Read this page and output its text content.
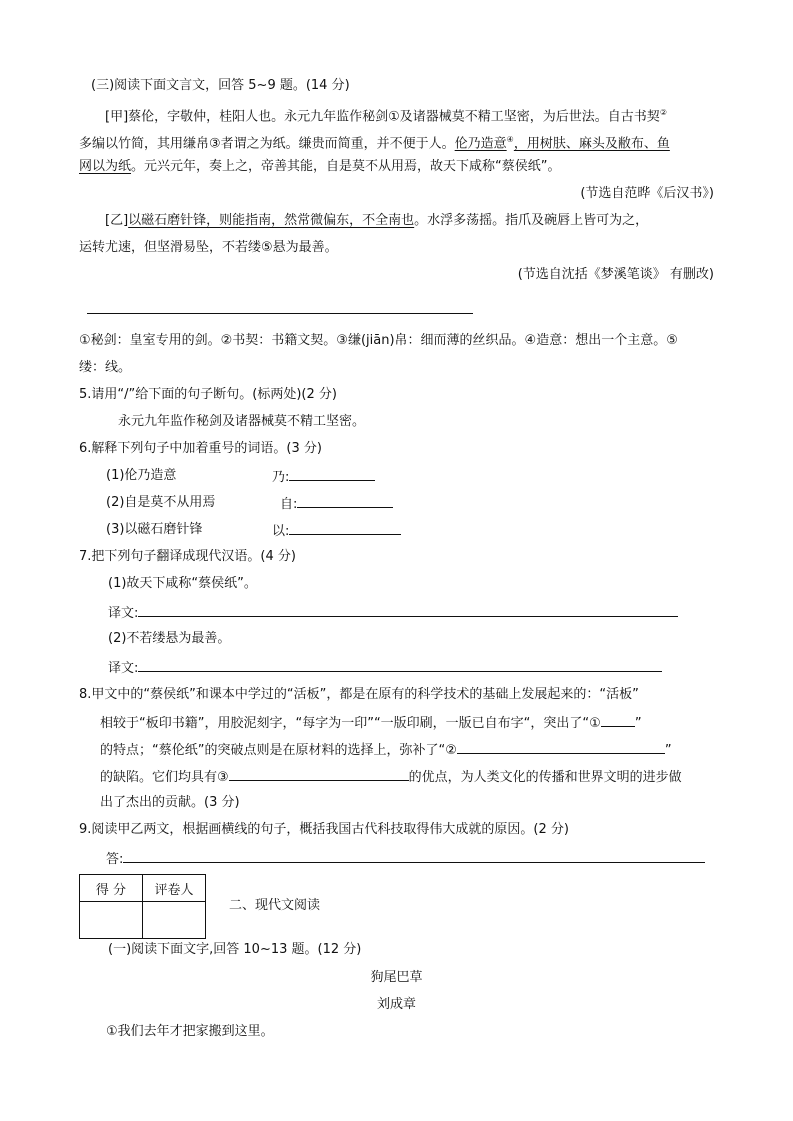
(三)阅读下面文言文，回答 5~9 题。(14 分)
[甲]蔡伦，字敬仲，桂阳人也。永元九年监作秘剑①及诸器械莫不精工坚密，为后世法。自古书契②
多编以竹简，其用缣帛③者谓之为纸。缣贵而简重，并不便于人。伦乃造意④，用树肤、麻头及敝布、鱼
网以为纸。元兴元年，奏上之，帝善其能，自是莫不从用焉，故天下咸称“蔡侯纸”。
(节选自范晔《后汉书》)
[乙]以磁石磨针锋，则能指南，然常微偏东，不全南也。水浮多荡摇。指爪及碗唇上皆可为之，
运转尤速，但坚滑易坠，不若缕⑤悬为最善。
(节选自沈括《梦溪笔谈》 有删改)
①秘剑：皇室专用的剑。②书契：书籍文契。③缣(jiān)帛：细而薄的丝织品。④造意：想出一个主意。⑤
缕：线。
5.请用“/”给下面的句子断句。(标两处)(2 分)
永元九年监作秘剑及诸器械莫不精工坚密。
6.解释下列句子中加着重号的词语。(3 分)
(1)伦乃造意	乃:
(2)自是莫不从用焉	自:
(3)以磁石磨针锋	以:
7.把下列句子翻译成现代汉语。(4 分)
(1)故天下咸称“蔡侯纸”。
译文:
(2)不若缕悬为最善。
译文:
8.甲文中的“蔡侯纸”和课本中学过的“活板”，都是在原有的科学技术的基础上发展起来的：“活板”
相较于“板印书籍”，用胶泥刻字，“每字为一印”“一版印刷，一版已自布字“，突出了“①	”
的特点；“蔡伦纸”的突破点则是在原材料的选择上，弥补了“②	”
的缺陷。它们均具有③	的优点，为人类文化的传播和世界文明的进步做
出了杰出的贡献。(3 分)
9.阅读甲乙两文，根据画横线的句子，概括我国古代科技取得伟大成就的原因。(2 分)
答:
得 分	评卷人

二、现代文阅读
(一)阅读下面文字,回答 10~13 题。(12 分)
狗尾巴草
刘成章
①我们去年才把家搬到这里。
